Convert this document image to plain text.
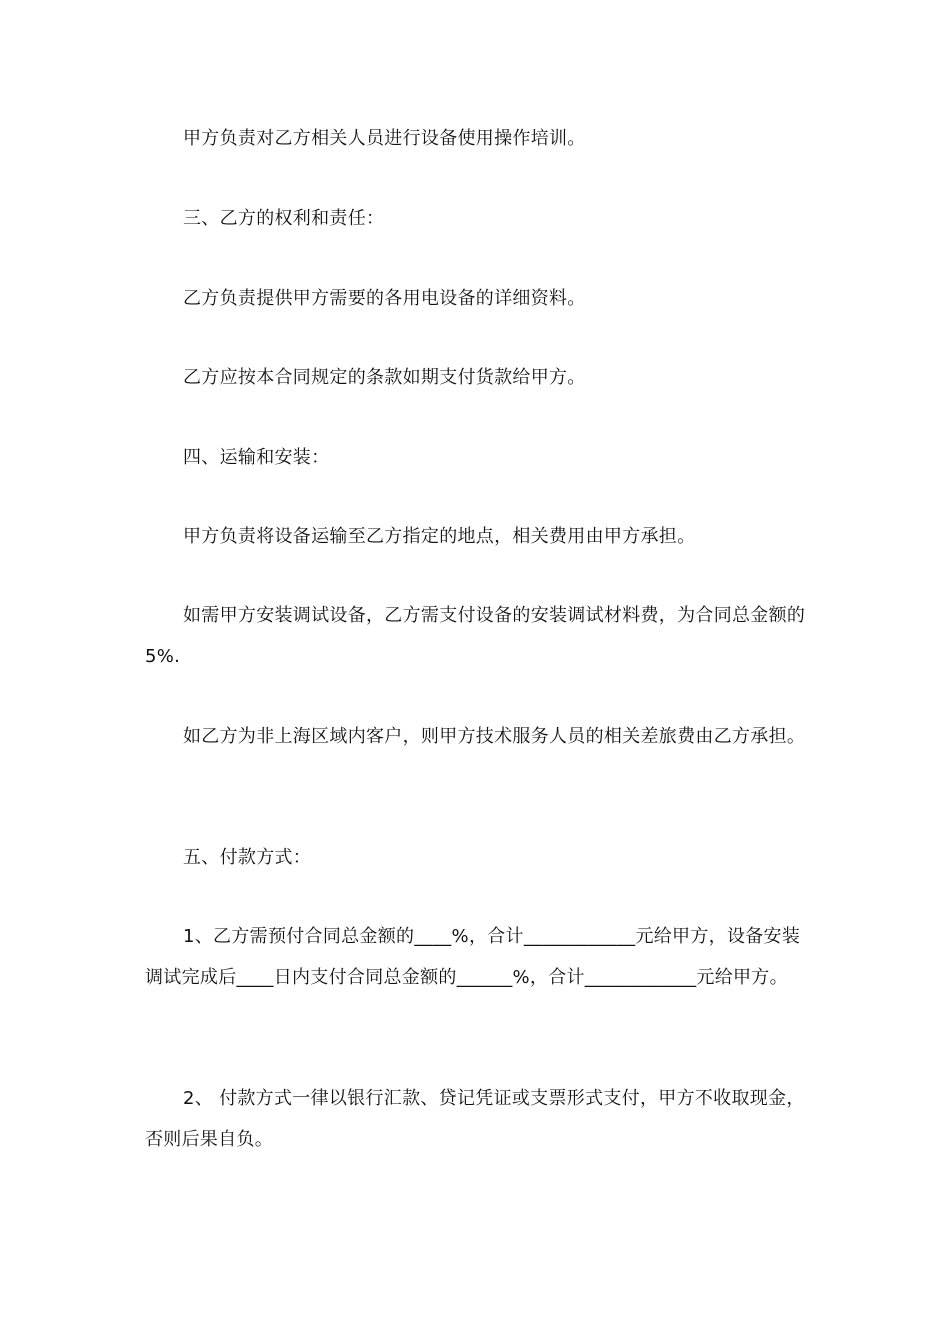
甲方负责对乙方相关人员进行设备使用操作培训。
三、乙方的权利和责任：
乙方负责提供甲方需要的各用电设备的详细资料。
乙方应按本合同规定的条款如期支付货款给甲方。
四、运输和安装：
甲方负责将设备运输至乙方指定的地点，相关费用由甲方承担。
如需甲方安装调试设备，乙方需支付设备的安装调试材料费，为合同总金额的 5%.
如乙方为非上海区域内客户，则甲方技术服务人员的相关差旅费由乙方承担。
五、付款方式：
1、乙方需预付合同总金额的____%，合计____________元给甲方，设备安装调试完成后____日内支付合同总金额的______%，合计____________元给甲方。
2、 付款方式一律以银行汇款、贷记凭证或支票形式支付，甲方不收取现金，否则后果自负。
